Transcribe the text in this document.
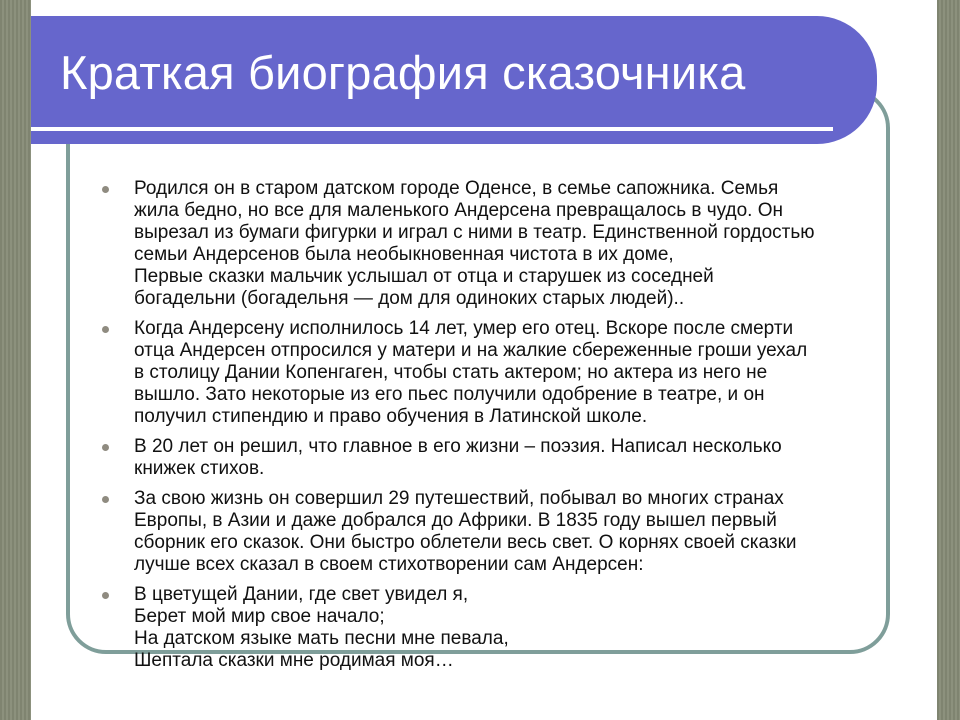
Краткая биография сказочника
Родился он в старом датском городе Оденсе, в семье сапожника. Семья
жила бедно, но все для маленького Андерсена превращалось в чудо. Он
вырезал из бумаги фигурки и играл с ними в театр. Единственной гордостью
семьи Андерсенов была необыкновенная чистота в их доме,
Первые сказки мальчик услышал от отца и старушек из соседней
богадельни (богадельня — дом для одиноких старых людей)..
Когда Андерсену исполнилось 14 лет, умер его отец. Вскоре после смерти
отца Андерсен отпросился у матери и на жалкие сбереженные гроши уехал
в столицу Дании Копенгаген, чтобы стать актером; но актера из него не
вышло. Зато некоторые из его пьес получили одобрение в театре, и он
получил стипендию и право обучения в Латинской школе.
В 20 лет он решил, что главное в его жизни – поэзия. Написал несколько
книжек стихов.
За свою жизнь он совершил 29 путешествий, побывал во многих странах
Европы, в Азии и даже добрался до Африки. В 1835 году вышел первый
сборник его сказок. Они быстро облетели весь свет. О корнях своей сказки
лучше всех сказал в своем стихотворении сам Андерсен:
В цветущей Дании, где свет увидел я,
Берет мой мир свое начало;
На датском языке мать песни мне певала,
Шептала сказки мне родимая моя…
